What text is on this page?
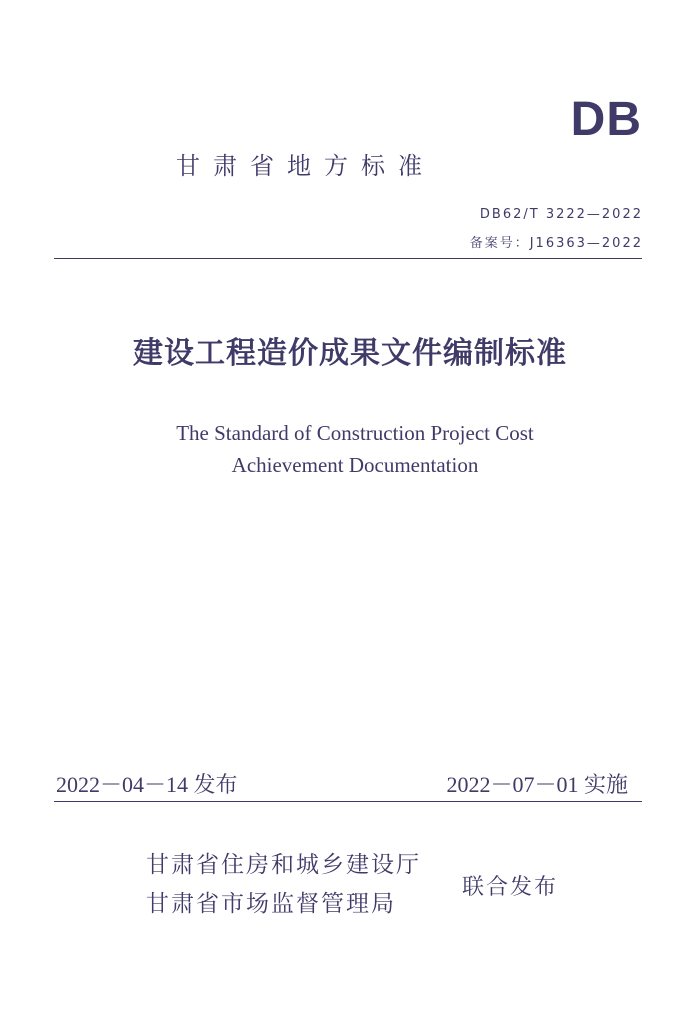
DB
甘肃省地方标准
DB62/T 3222—2022
备案号：J16363—2022
建设工程造价成果文件编制标准
The Standard of Construction Project Cost
Achievement Documentation
2022－04－14 发布	2022－07－01 实施
甘肃省住房和城乡建设厅
甘肃省市场监督管理局
联合发布
